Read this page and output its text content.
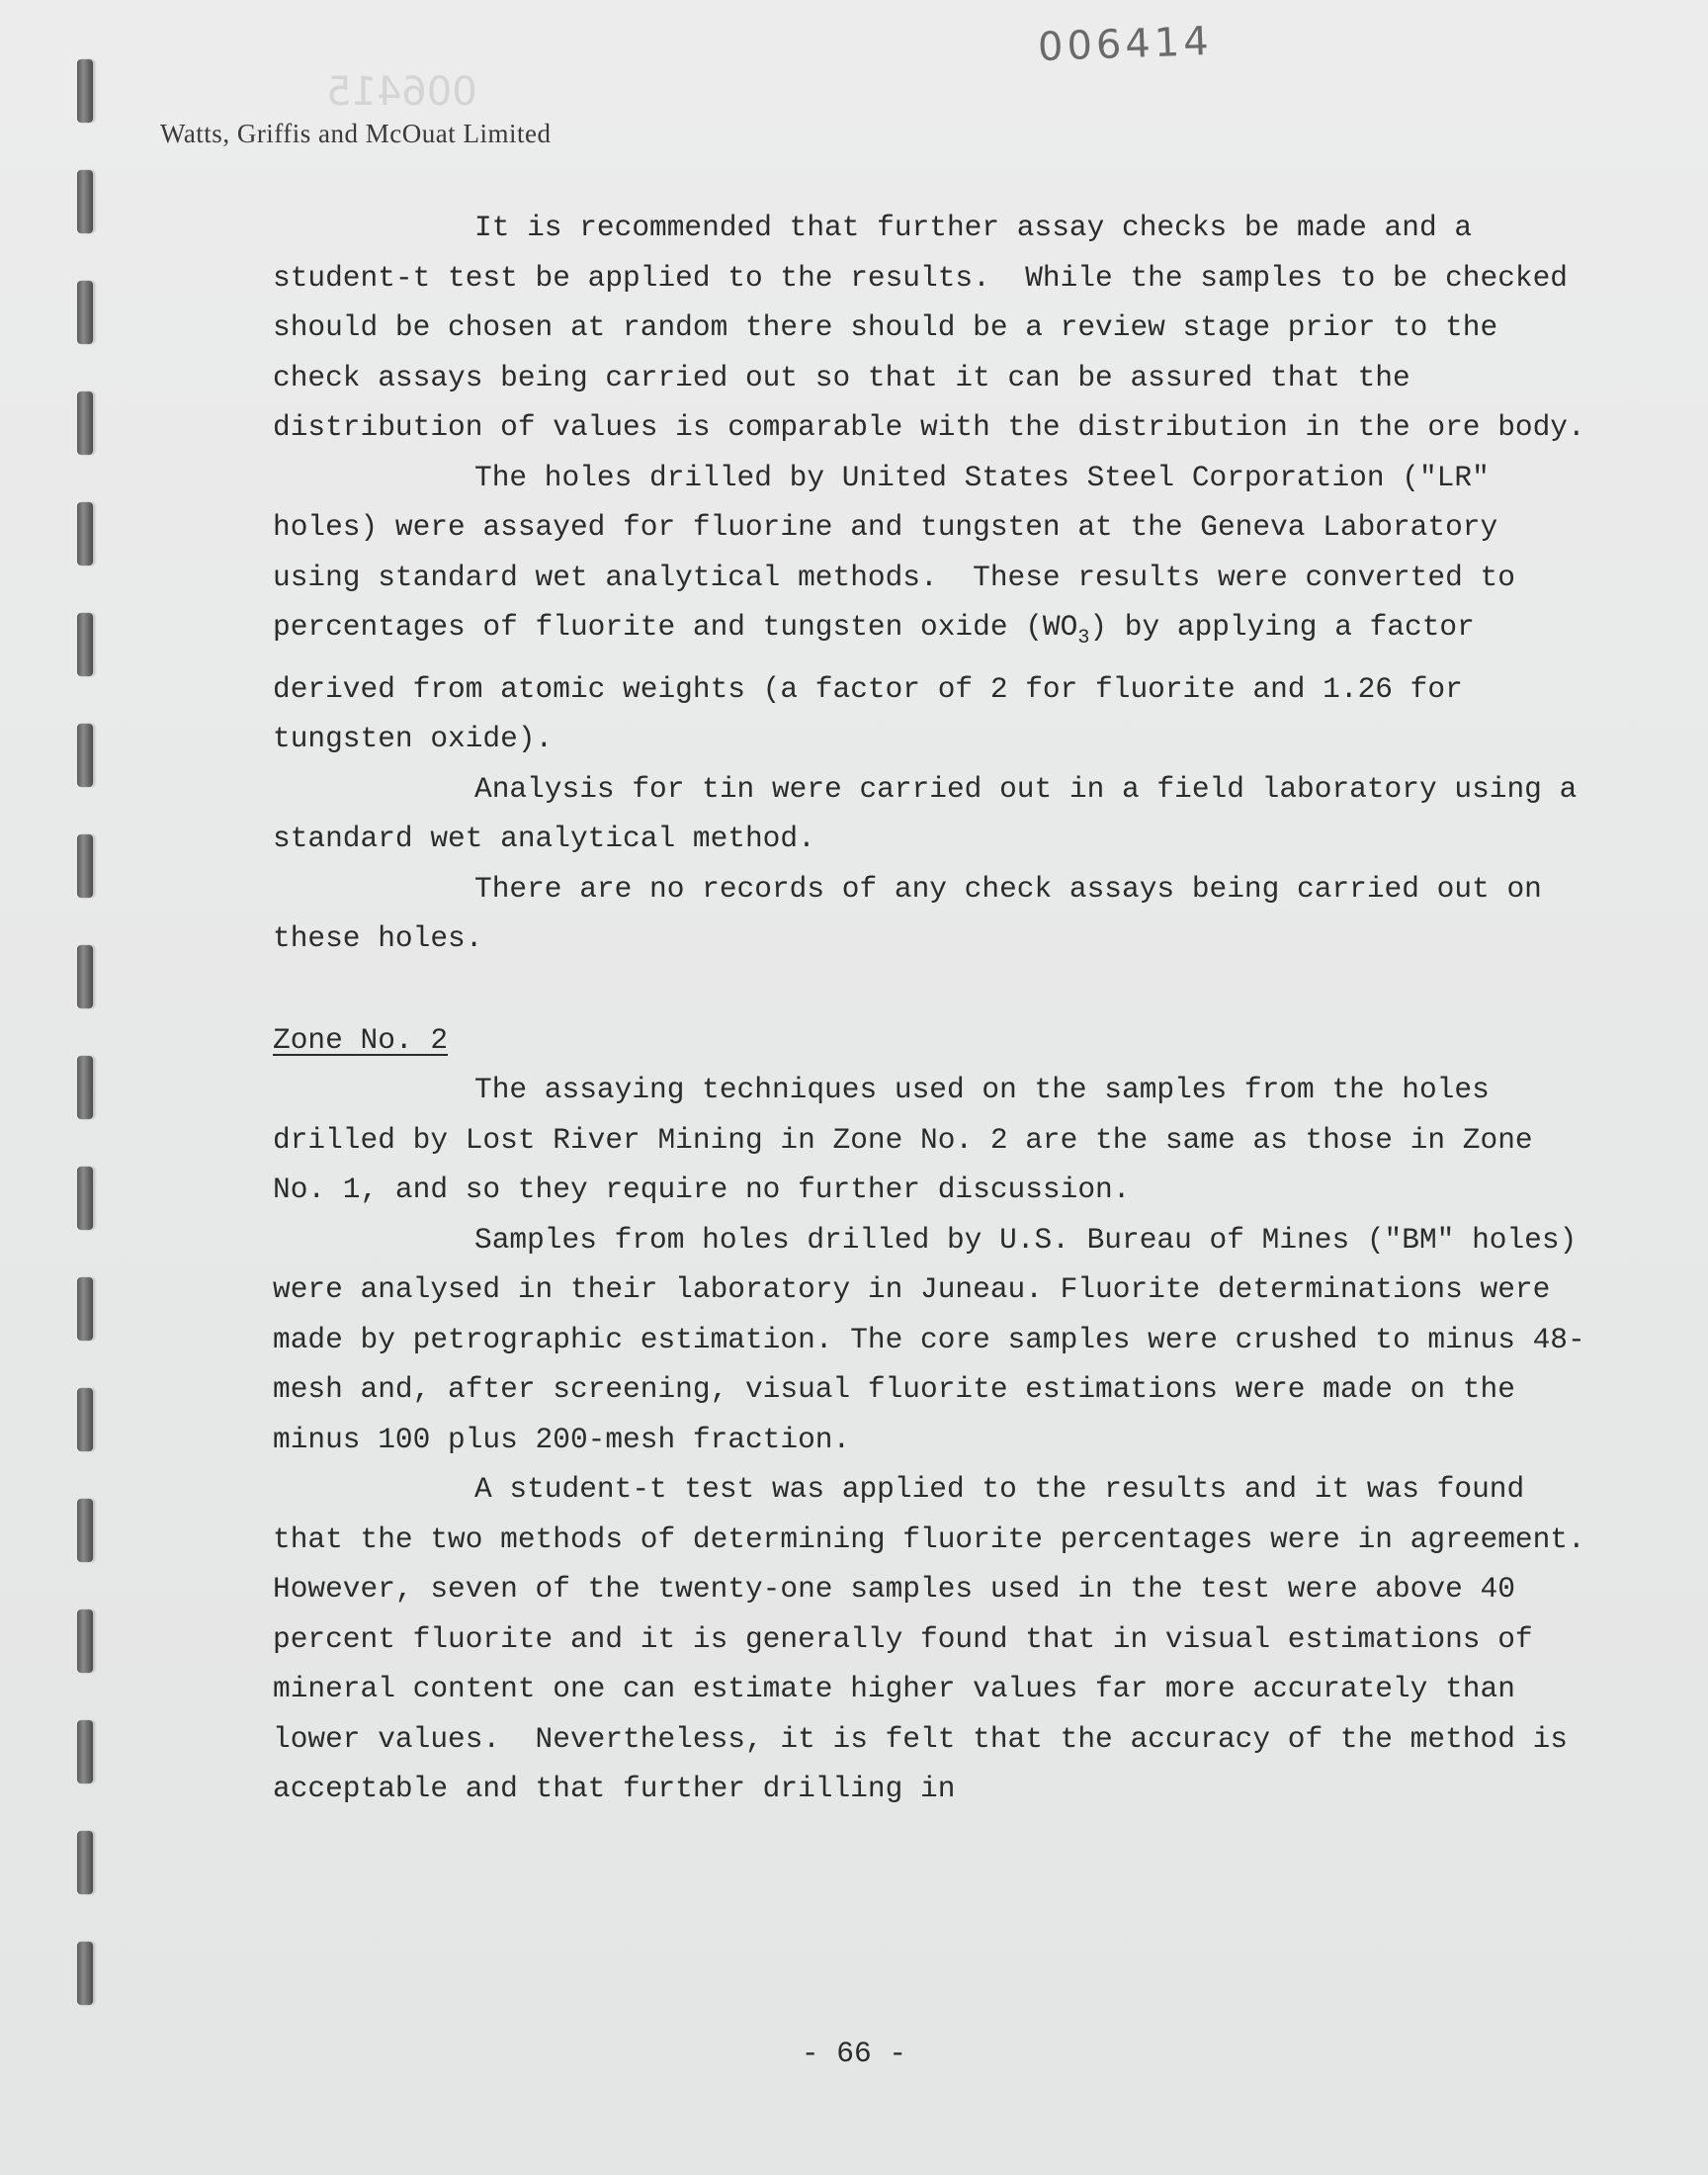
006415
006414
Watts, Griffis and McOuat Limited

It is recommended that further assay checks be made and a student-t test be applied to the results.  While the samples to be checked should be chosen at random there should be a review stage prior to the check assays being carried out so that it can be assured that the distribution of values is comparable with the distribution in the ore body.

The holes drilled by United States Steel Corporation ("LR" holes) were assayed for fluorine and tungsten at the Geneva Laboratory using standard wet analytical methods.  These results were converted to percentages of fluorite and tungsten oxide $(WO_3)$ by applying a factor derived from atomic weights (a factor of 2 for fluorite and 1.26 for tungsten oxide).

Analysis for tin were carried out in a field laboratory using a standard wet analytical method.

There are no records of any check assays being carried out on these holes.

Zone No. 2

The assaying techniques used on the samples from the holes drilled by Lost River Mining in Zone No. 2 are the same as those in Zone No. 1, and so they require no further discussion.

Samples from holes drilled by U.S. Bureau of Mines ("BM" holes) were analysed in their laboratory in Juneau. Fluorite determinations were made by petrographic estimation. The core samples were crushed to minus 48-mesh and, after screening, visual fluorite estimations were made on the minus 100 plus 200-mesh fraction.

A student-t test was applied to the results and it was found that the two methods of determining fluorite percentages were in agreement.  However, seven of the twenty-one samples used in the test were above 40 percent fluorite and it is generally found that in visual estimations of mineral content one can estimate higher values far more accurately than lower values.  Nevertheless, it is felt that the accuracy of the method is acceptable and that further drilling in

- 66 -
